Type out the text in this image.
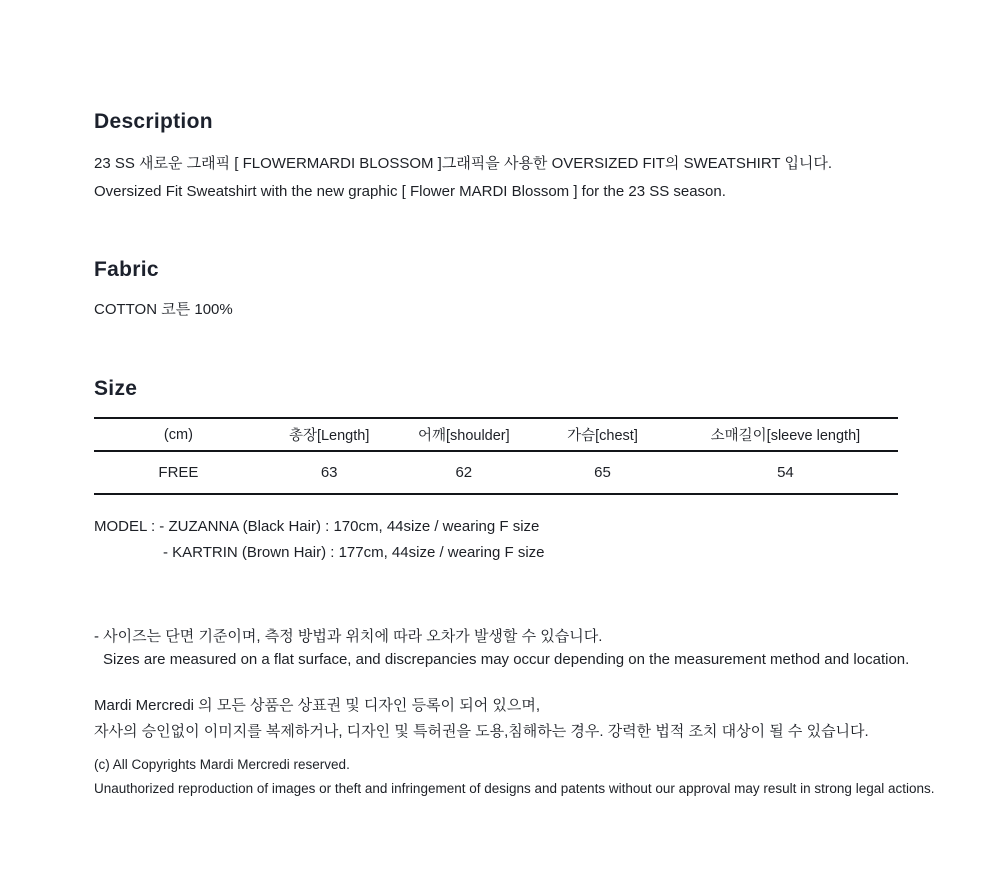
Description

23 SS 새로운 그래픽 [ FLOWERMARDI BLOSSOM ]그래픽을 사용한 OVERSIZED FIT의 SWEATSHIRT 입니다.

Oversized Fit Sweatshirt with the new graphic [ Flower MARDI Blossom ] for the 23 SS season.

Fabric

COTTON 코튼 100%

Size
(cm)	총장[Length]	어깨[shoulder]	가슴[chest]	소매길이[sleeve length]
FREE	63	62	65	54

MODEL : - ZUZANNA (Black Hair) : 170cm, 44size / wearing F size

- KARTRIN (Brown Hair) : 177cm, 44size / wearing F size

- 사이즈는 단면 기준이며, 측정 방법과 위치에 따라 오차가 발생할 수 있습니다.

Sizes are measured on a flat surface, and discrepancies may occur depending on the measurement method and location.

Mardi Mercredi 의 모든 상품은 상표권 및 디자인 등록이 되어 있으며,

자사의 승인없이 이미지를 복제하거나, 디자인 및 특허권을 도용,침해하는 경우. 강력한 법적 조치 대상이 될 수 있습니다.

(c) All Copyrights Mardi Mercredi reserved.

Unauthorized reproduction of images or theft and infringement of designs and patents without our approval may result in strong legal actions.
